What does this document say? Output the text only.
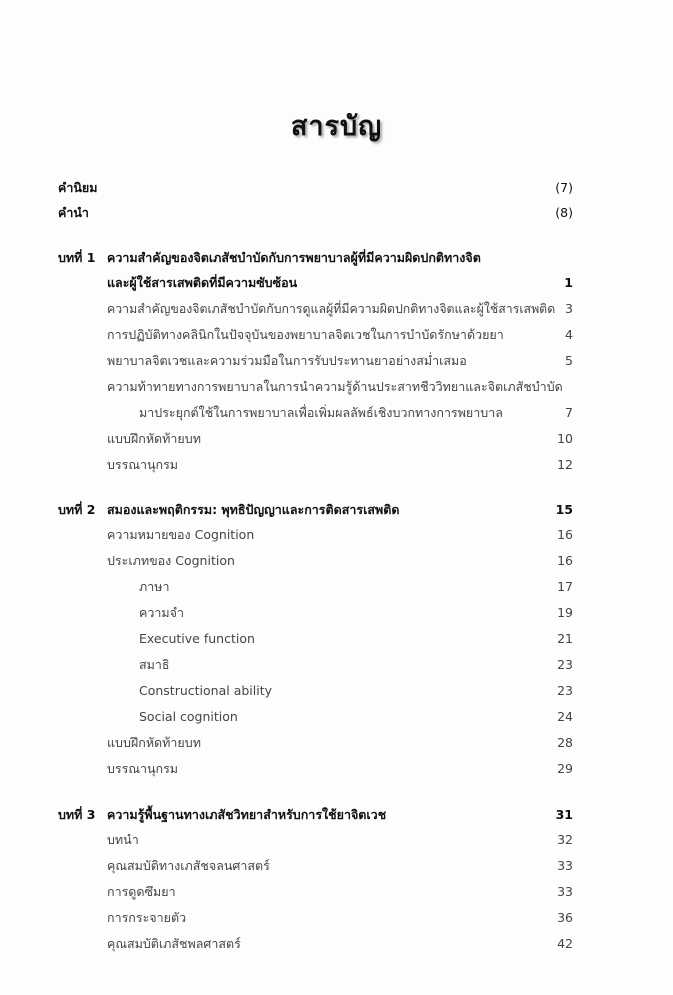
สารบัญ
คำนิยม	(7)
คำนำ	(8)
บทที่ 1 ความสำคัญของจิตเภสัชบำบัดกับการพยาบาลผู้ที่มีความผิดปกติทางจิต
และผู้ใช้สารเสพติดที่มีความซับซ้อน	1
ความสำคัญของจิตเภสัชบำบัดกับการดูแลผู้ที่มีความผิดปกติทางจิตและผู้ใช้สารเสพติด 3
การปฏิบัติทางคลินิกในปัจจุบันของพยาบาลจิตเวชในการบำบัดรักษาด้วยยา	4
พยาบาลจิตเวชและความร่วมมือในการรับประทานยาอย่างสม่ำเสมอ	5
ความท้าทายทางการพยาบาลในการนำความรู้ด้านประสาทชีววิทยาและจิตเภสัชบำบัด
มาประยุกต์ใช้ในการพยาบาลเพื่อเพิ่มผลลัพธ์เชิงบวกทางการพยาบาล	7
แบบฝึกหัดท้ายบท	10
บรรณานุกรม	12
บทที่ 2 สมองและพฤติกรรม: พุทธิปัญญาและการติดสารเสพติด	15
ความหมายของ Cognition	16
ประเภทของ Cognition	16
ภาษา	17
ความจำ	19
Executive function	21
สมาธิ	23
Constructional ability	23
Social cognition	24
แบบฝึกหัดท้ายบท	28
บรรณานุกรม	29
บทที่ 3 ความรู้พื้นฐานทางเภสัชวิทยาสำหรับการใช้ยาจิตเวช	31
บทนำ	32
คุณสมบัติทางเภสัชจลนศาสตร์	33
การดูดซึมยา	33
การกระจายตัว	36
คุณสมบัติเภสัชพลศาสตร์	42
